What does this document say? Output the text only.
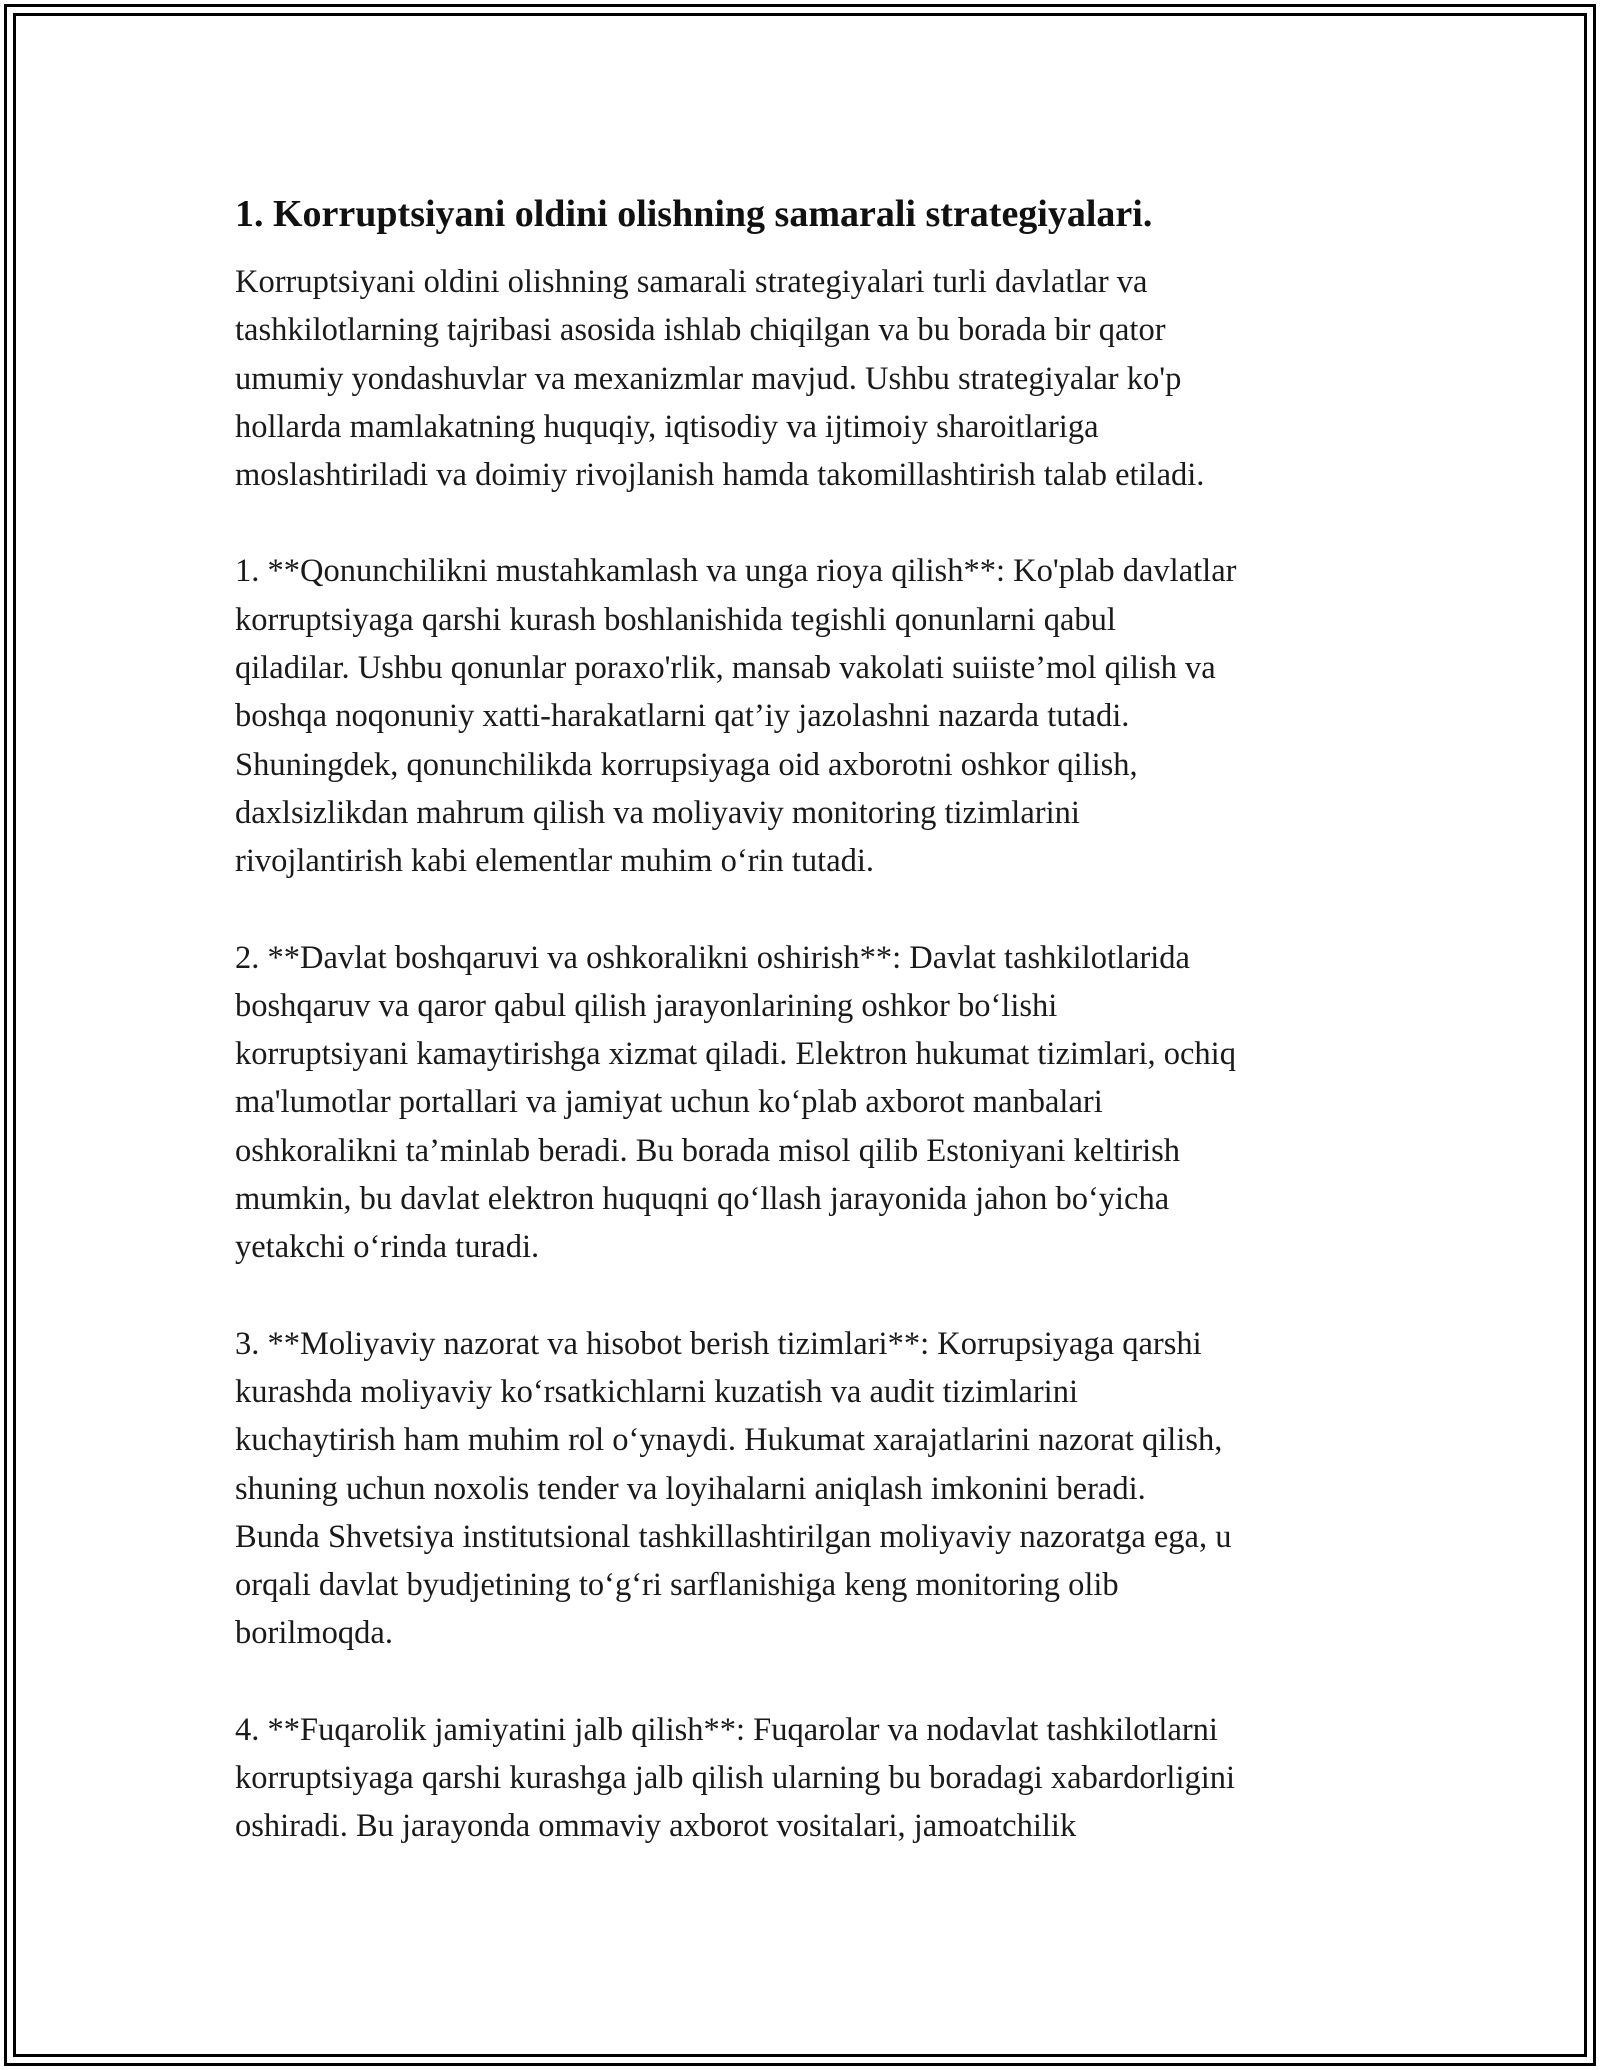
1. Korruptsiyani oldini olishning samarali strategiyalari.

Korruptsiyani oldini olishning samarali strategiyalari turli davlatlar va
tashkilotlarning tajribasi asosida ishlab chiqilgan va bu borada bir qator
umumiy yondashuvlar va mexanizmlar mavjud. Ushbu strategiyalar ko'p
hollarda mamlakatning huquqiy, iqtisodiy va ijtimoiy sharoitlariga
moslashtiriladi va doimiy rivojlanish hamda takomillashtirish talab etiladi.

1. **Qonunchilikni mustahkamlash va unga rioya qilish**: Ko'plab davlatlar
korruptsiyaga qarshi kurash boshlanishida tegishli qonunlarni qabul
qiladilar. Ushbu qonunlar poraxo'rlik, mansab vakolati suiiste’mol qilish va
boshqa noqonuniy xatti-harakatlarni qat’iy jazolashni nazarda tutadi.
Shuningdek, qonunchilikda korrupsiyaga oid axborotni oshkor qilish,
daxlsizlikdan mahrum qilish va moliyaviy monitoring tizimlarini
rivojlantirish kabi elementlar muhim o‘rin tutadi.

2. **Davlat boshqaruvi va oshkoralikni oshirish**: Davlat tashkilotlarida
boshqaruv va qaror qabul qilish jarayonlarining oshkor bo‘lishi
korruptsiyani kamaytirishga xizmat qiladi. Elektron hukumat tizimlari, ochiq
ma'lumotlar portallari va jamiyat uchun ko‘plab axborot manbalari
oshkoralikni ta’minlab beradi. Bu borada misol qilib Estoniyani keltirish
mumkin, bu davlat elektron huquqni qo‘llash jarayonida jahon bo‘yicha
yetakchi o‘rinda turadi.

3. **Moliyaviy nazorat va hisobot berish tizimlari**: Korrupsiyaga qarshi
kurashda moliyaviy ko‘rsatkichlarni kuzatish va audit tizimlarini
kuchaytirish ham muhim rol o‘ynaydi. Hukumat xarajatlarini nazorat qilish,
shuning uchun noxolis tender va loyihalarni aniqlash imkonini beradi.
Bunda Shvetsiya institutsional tashkillashtirilgan moliyaviy nazoratga ega, u
orqali davlat byudjetining to‘g‘ri sarflanishiga keng monitoring olib
borilmoqda.

4. **Fuqarolik jamiyatini jalb qilish**: Fuqarolar va nodavlat tashkilotlarni
korruptsiyaga qarshi kurashga jalb qilish ularning bu boradagi xabardorligini
oshiradi. Bu jarayonda ommaviy axborot vositalari, jamoatchilik
